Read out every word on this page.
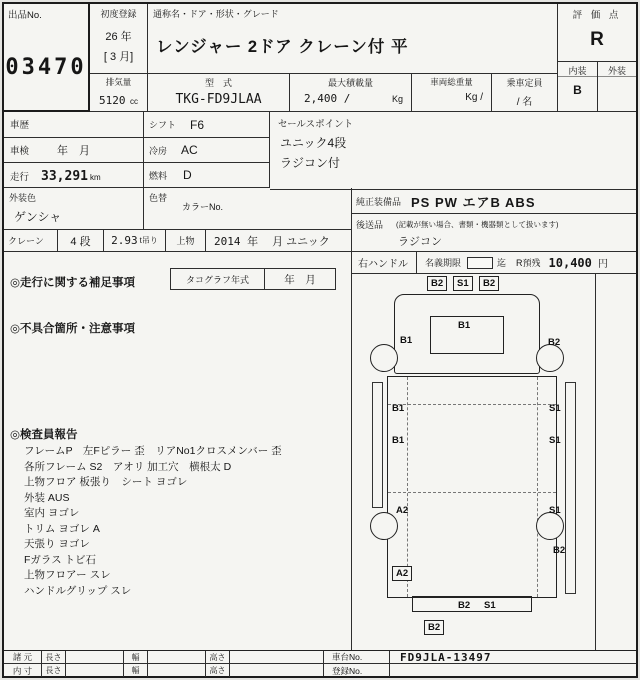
出品No.
03470
初度登録
26 年
[ 3 月]
通称名・ドア・形状・グレード
レンジャー 2ドア クレーン付 平
評 価 点
R
内装
B
外装
排気量
5120 cc
型　式
TKG-FD9JLAA
最大積載量
2,400 /	Kg
車両総重量
Kg /
乗車定員
/ 名
車歴	シフト F6
車検	年　月	冷房 AC
走行 33,291 km	燃料 D
外装色
ゲンシャ
色替
カラーNo.
セールスポイント
ユニック4段
ラジコン付
純正装備品 PS PW エアB ABS
後送品	(記載が無い場合、書類・機器類として扱います)
ラジコン
クレーン	4 段	2.93 t吊り	上物	2014 年 月 ユニック
右ハンドル 名義期限	迄 R預残 10,400 円
◎走行に関する補足事項	タコグラフ年式	年　月
◎不具合箇所・注意事項
◎検査員報告
フレームP　左Fピラー 歪　リアNo1クロスメンバー 歪
各所フレーム S2　アオリ 加工穴　横根太 D
上物フロア 板張り　シート ヨゴレ
外装 AUS
室内 ヨゴレ
トリム ヨゴレ A
天張り ヨゴレ
Fガラス トビ石
上物フロアー スレ
ハンドルグリップ スレ
B2	S1	B2
B1
B1	B2
B1	S1
B1	S1
A2	S1
B2
A2
B2 S1
B2
諸 元	長さ	幅	高さ
内 寸	長さ	幅	高さ
車台No.	FD9JLA-13497
登録No.
